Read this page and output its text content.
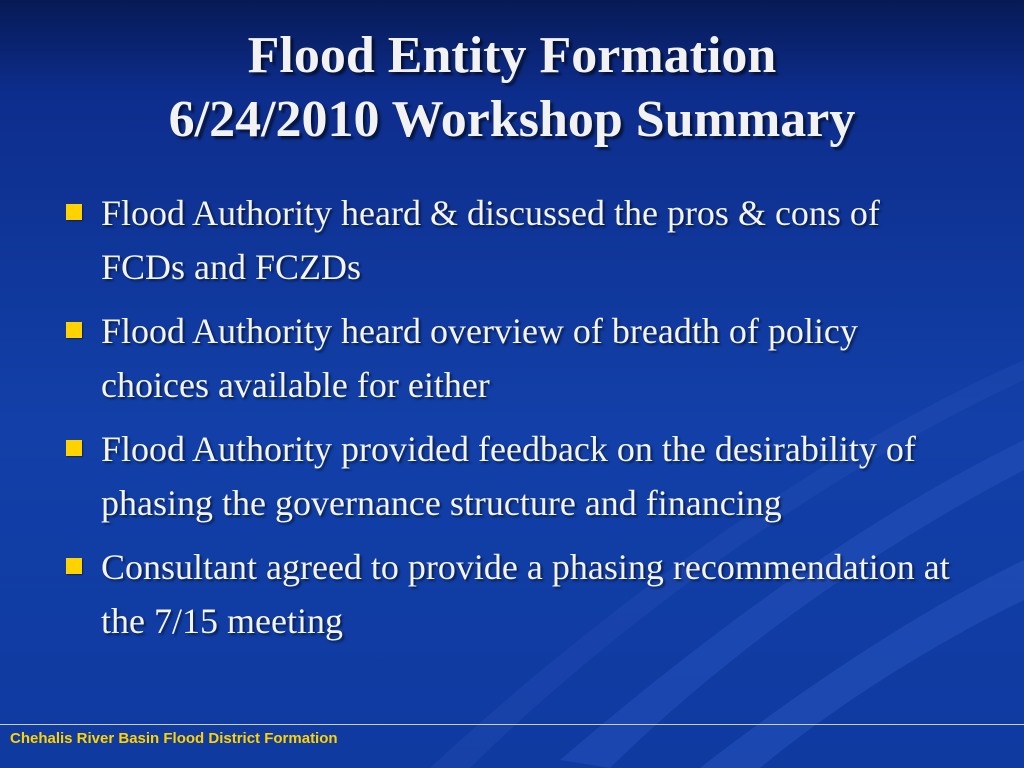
Flood Entity Formation
6/24/2010 Workshop Summary
Flood Authority heard & discussed the pros & cons of FCDs and FCZDs
Flood Authority heard overview of breadth of policy choices available for either
Flood Authority provided feedback on the desirability of phasing the governance structure and financing
Consultant agreed to provide a phasing recommendation at the 7/15 meeting
Chehalis River Basin Flood District Formation
